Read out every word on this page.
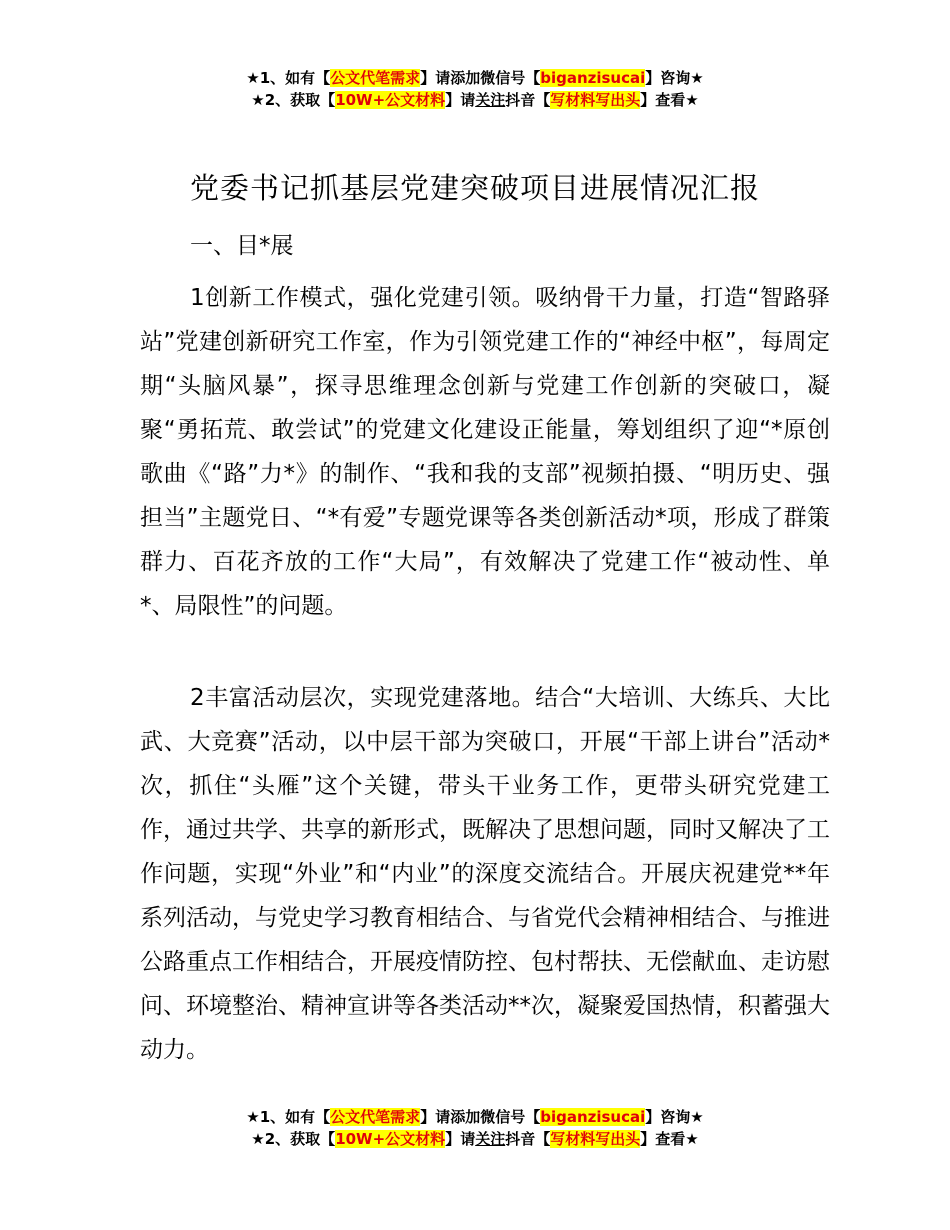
★1、如有【公文代笔需求】请添加微信号【biganzisucai】咨询★
★2、获取【10W+公文材料】请关注抖音【写材料写出头】查看★
党委书记抓基层党建突破项目进展情况汇报
一、目*展

1创新工作模式，强化党建引领。吸纳骨干力量，打造“智路驿站”党建创新研究工作室，作为引领党建工作的“神经中枢”，每周定期“头脑风暴”，探寻思维理念创新与党建工作创新的突破口，凝聚“勇拓荒、敢尝试”的党建文化建设正能量，筹划组织了迎“*原创歌曲《“路”力*》的制作、“我和我的支部”视频拍摄、“明历史、强担当”主题党日、“*有爱”专题党课等各类创新活动*项，形成了群策群力、百花齐放的工作“大局”，有效解决了党建工作“被动性、单*、局限性”的问题。

2丰富活动层次，实现党建落地。结合“大培训、大练兵、大比武、大竞赛”活动，以中层干部为突破口，开展“干部上讲台”活动*次，抓住“头雁”这个关键，带头干业务工作，更带头研究党建工作，通过共学、共享的新形式，既解决了思想问题，同时又解决了工作问题，实现“外业”和“内业”的深度交流结合。开展庆祝建党**年系列活动，与党史学习教育相结合、与省党代会精神相结合、与推进公路重点工作相结合，开展疫情防控、包村帮扶、无偿献血、走访慰问、环境整治、精神宣讲等各类活动**次，凝聚爱国热情，积蓄强大动力。

★1、如有【公文代笔需求】请添加微信号【biganzisucai】咨询★
★2、获取【10W+公文材料】请关注抖音【写材料写出头】查看★
